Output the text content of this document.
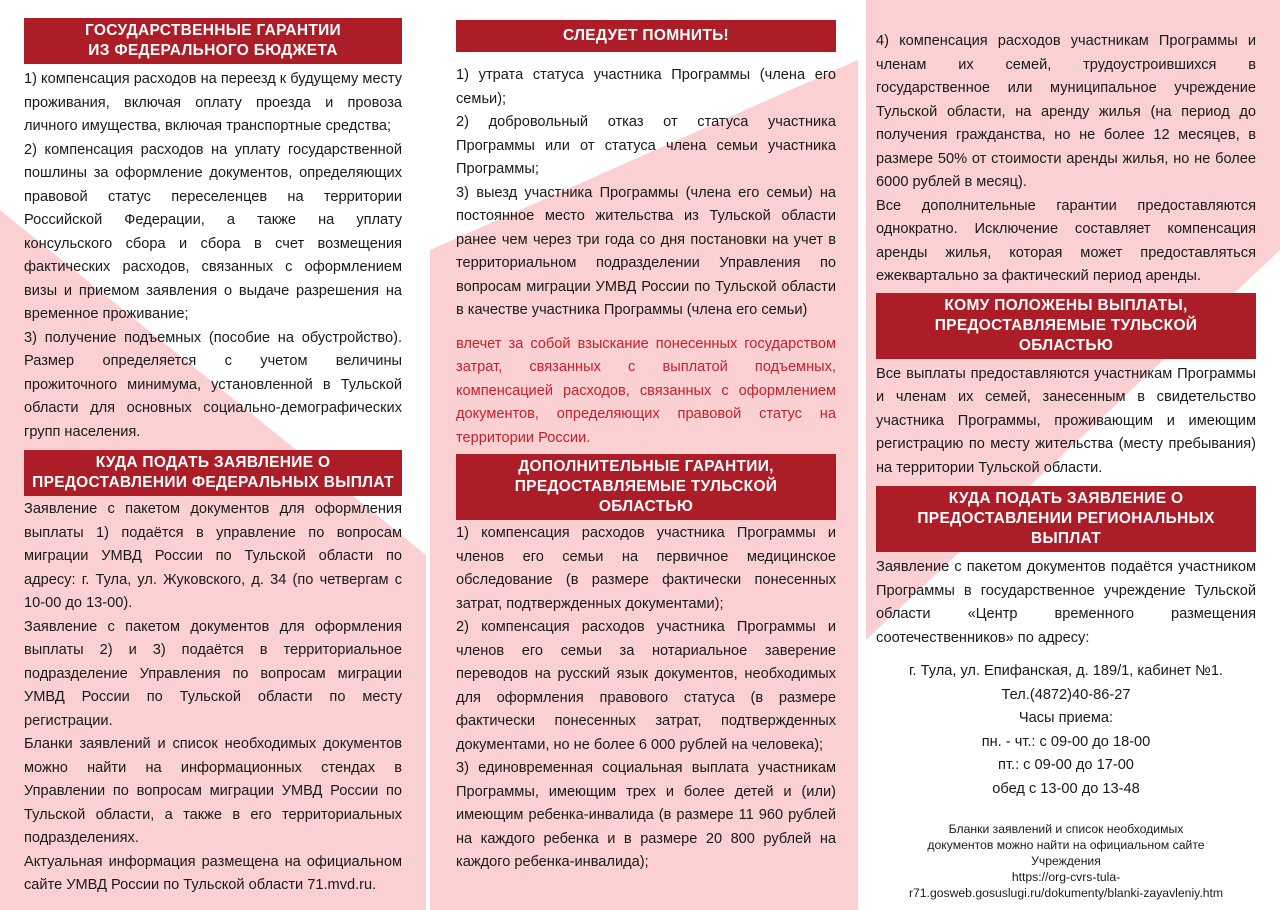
ГОСУДАРСТВЕННЫЕ ГАРАНТИИ
ИЗ ФЕДЕРАЛЬНОГО БЮДЖЕТА

1) компенсация расходов на переезд к будущему месту проживания, включая оплату проезда и провоза личного имущества, включая транспортные средства;

2) компенсация расходов на уплату государственной пошлины за оформление документов, определяющих правовой статус переселенцев на территории Российской Федерации, а также на уплату консульского сбора и сбора в счет возмещения фактических расходов, связанных с оформлением визы и приемом заявления о выдаче разрешения на временное проживание;

3) получение подъемных (пособие на обустройство). Размер определяется с учетом величины прожиточного минимума, установленной в Тульской области для основных социально-демографических групп населения.

КУДА ПОДАТЬ ЗАЯВЛЕНИЕ О
ПРЕДОСТАВЛЕНИИ ФЕДЕРАЛЬНЫХ ВЫПЛАТ

Заявление с пакетом документов для оформления выплаты 1) подаётся в управление по вопросам миграции УМВД России по Тульской области по адресу: г. Тула, ул. Жуковского, д. 34 (по четвергам с 10-00 до 13-00).

Заявление с пакетом документов для оформления выплаты 2) и 3) подаётся в территориальное подразделение Управления по вопросам миграции УМВД России по Тульской области по месту регистрации.

Бланки заявлений и список необходимых документов можно найти на информационных стендах в Управлении по вопросам миграции УМВД России по Тульской области, а также в его территориальных подразделениях.

Актуальная информация размещена на официальном сайте УМВД России по Тульской области 71.mvd.ru.

СЛЕДУЕТ ПОМНИТЬ!

1) утрата статуса участника Программы (члена его семьи);

2) добровольный отказ от статуса участника Программы или от статуса члена семьи участника Программы;

3) выезд участника Программы (члена его семьи) на постоянное место жительства из Тульской области ранее чем через три года со дня постановки на учет в территориальном подразделении Управления по вопросам миграции УМВД России по Тульской области в качестве участника Программы (члена его семьи)

влечет за собой взыскание понесенных государством затрат, связанных с выплатой подъемных, компенсацией расходов, связанных с оформлением документов, определяющих правовой статус на территории России.

ДОПОЛНИТЕЛЬНЫЕ ГАРАНТИИ,
ПРЕДОСТАВЛЯЕМЫЕ ТУЛЬСКОЙ
ОБЛАСТЬЮ

1) компенсация расходов участника Программы и членов его семьи на первичное медицинское обследование (в размере фактически понесенных затрат, подтвержденных документами);

2) компенсация расходов участника Программы и членов его семьи за нотариальное заверение переводов на русский язык документов, необходимых для оформления правового статуса (в размере фактически понесенных затрат, подтвержденных документами, но не более 6 000 рублей на человека);

3) единовременная социальная выплата участникам Программы, имеющим трех и более детей и (или) имеющим ребенка-инвалида (в размере 11 960 рублей на каждого ребенка и в размере 20 800 рублей на каждого ребенка-инвалида);

4) компенсация расходов участникам Программы и членам их семей, трудоустроившихся в государственное или муниципальное учреждение Тульской области, на аренду жилья (на период до получения гражданства, но не более 12 месяцев, в размере 50% от стоимости аренды жилья, но не более 6000 рублей в месяц).

Все дополнительные гарантии предоставляются однократно. Исключение составляет компенсация аренды жилья, которая может предоставляться ежеквартально за фактический период аренды.

КОМУ ПОЛОЖЕНЫ ВЫПЛАТЫ,
ПРЕДОСТАВЛЯЕМЫЕ ТУЛЬСКОЙ
ОБЛАСТЬЮ

Все выплаты предоставляются участникам Программы и членам их семей, занесенным в свидетельство участника Программы, проживающим и имеющим регистрацию по месту жительства (месту пребывания) на территории Тульской области.

КУДА ПОДАТЬ ЗАЯВЛЕНИЕ О
ПРЕДОСТАВЛЕНИИ РЕГИОНАЛЬНЫХ
ВЫПЛАТ

Заявление с пакетом документов подаётся участником Программы в государственное учреждение Тульской области «Центр временного размещения соотечественников» по адресу:

г. Тула, ул. Епифанская, д. 189/1, кабинет №1.
Тел.(4872)40-86-27
Часы приема:
пн. - чт.: с 09-00 до 18-00
пт.: с 09-00 до 17-00
обед с 13-00 до 13-48
Бланки заявлений и список необходимых
документов можно найти на официальном сайте
Учреждения
https://org-cvrs-tula-
r71.gosweb.gosuslugi.ru/dokumenty/blanki-zayavleniy.htm
